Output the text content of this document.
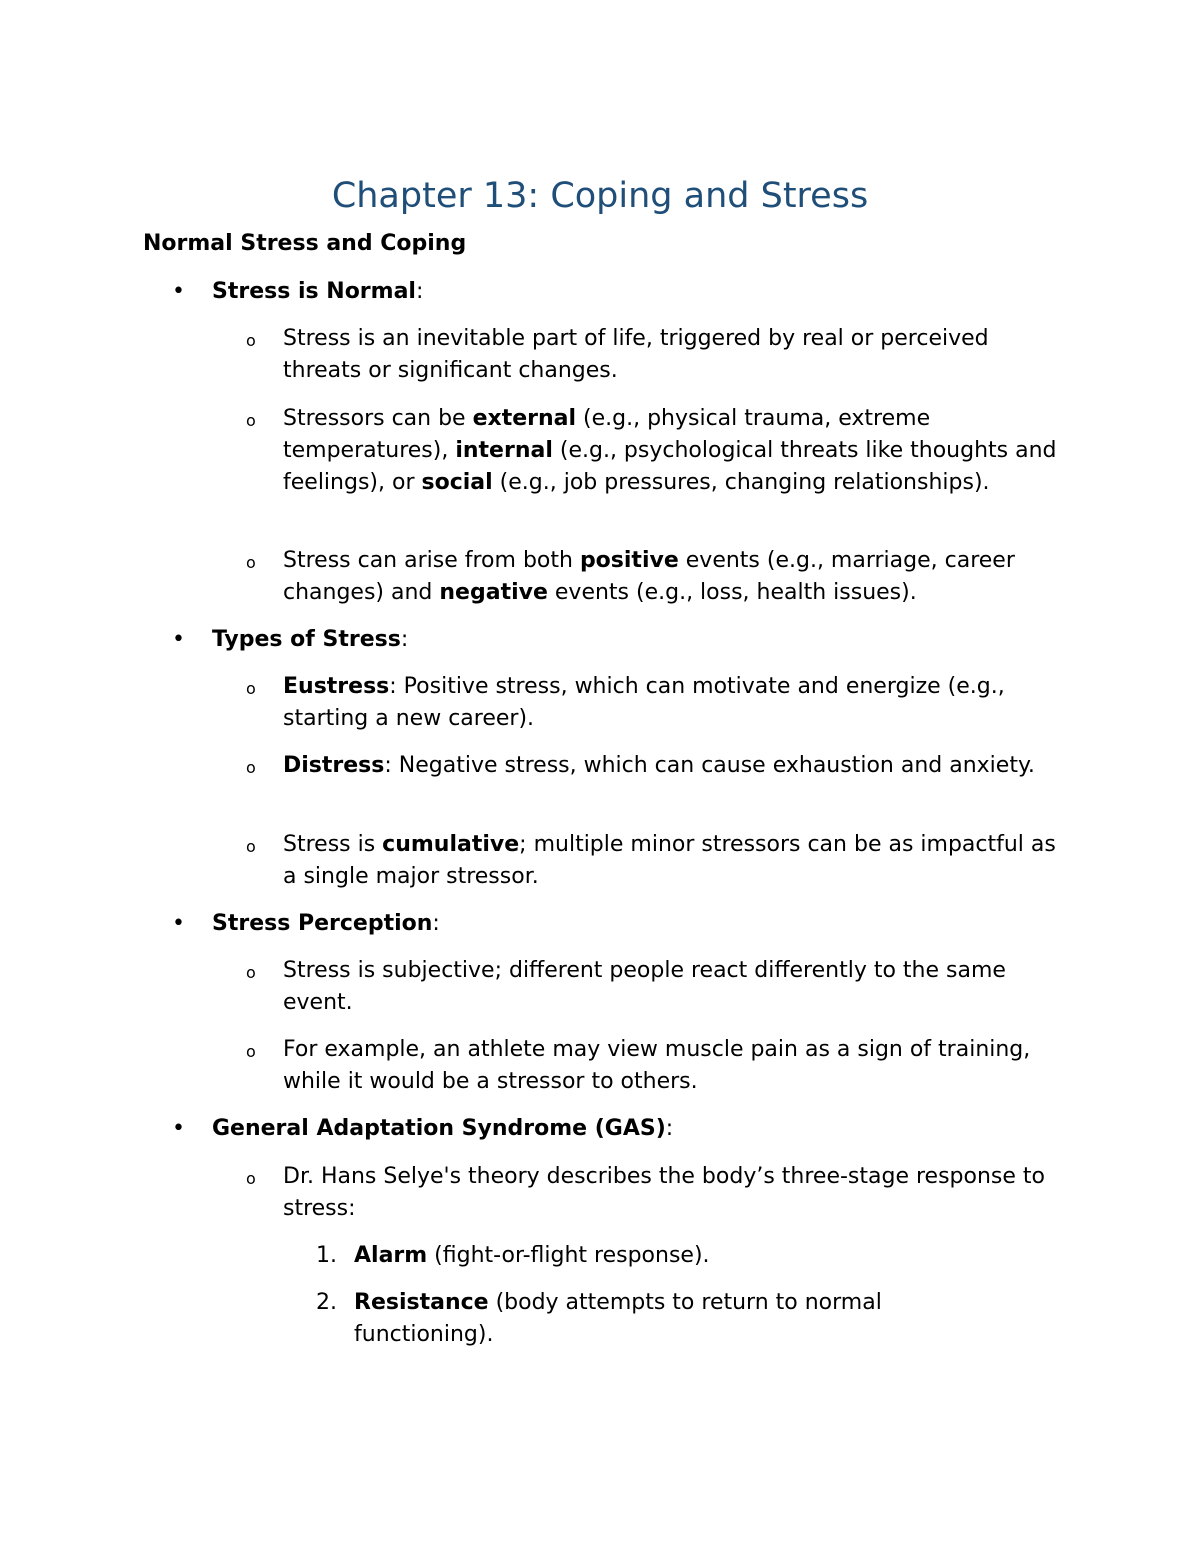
Chapter 13: Coping and Stress
Normal Stress and Coping
•	Stress is Normal:
o	Stress is an inevitable part of life, triggered by real or perceived threats or significant changes.
o	Stressors can be external (e.g., physical trauma, extreme temperatures), internal (e.g., psychological threats like thoughts and feelings), or social (e.g., job pressures, changing relationships).
o	Stress can arise from both positive events (e.g., marriage, career changes) and negative events (e.g., loss, health issues).
•	Types of Stress:
o	Eustress: Positive stress, which can motivate and energize (e.g., starting a new career).
o	Distress: Negative stress, which can cause exhaustion and anxiety.
o	Stress is cumulative; multiple minor stressors can be as impactful as a single major stressor.
•	Stress Perception:
o	Stress is subjective; different people react differently to the same event.
o	For example, an athlete may view muscle pain as a sign of training, while it would be a stressor to others.
•	General Adaptation Syndrome (GAS):
o	Dr. Hans Selye's theory describes the body’s three-stage response to stress:
1. Alarm (fight-or-flight response).
2. Resistance (body attempts to return to normal functioning).
